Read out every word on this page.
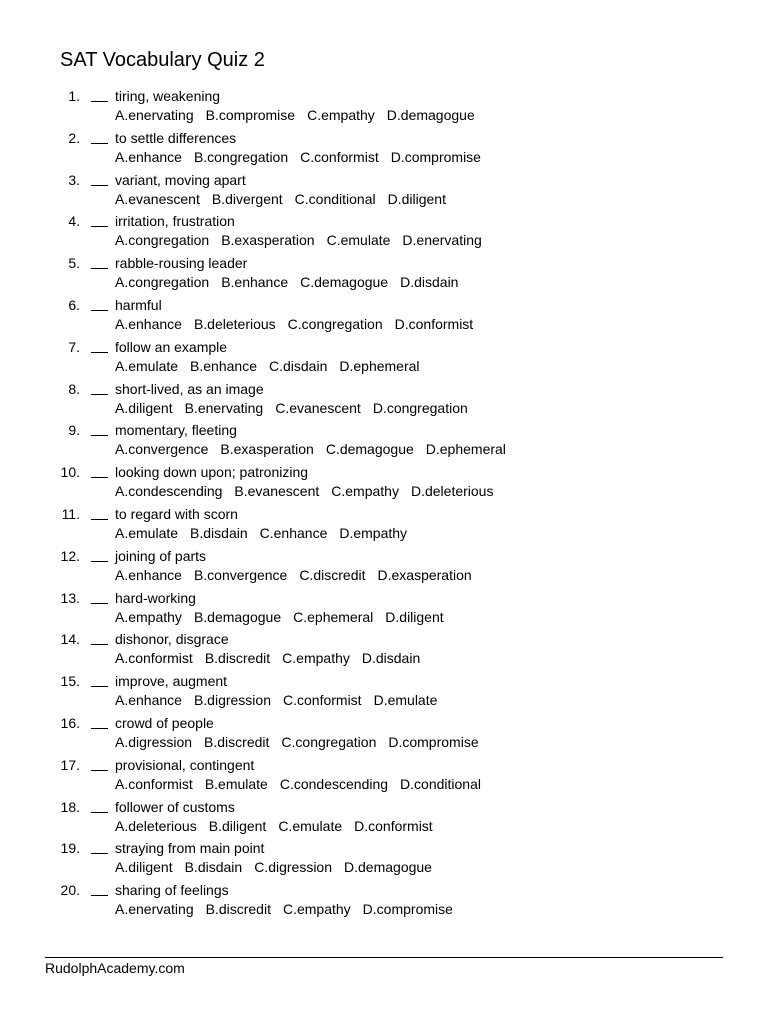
SAT Vocabulary Quiz 2
1.	tiring, weakening
A.enervating B.compromise C.empathy D.demagogue
2.	to settle differences
A.enhance B.congregation C.conformist D.compromise
3.	variant, moving apart
A.evanescent B.divergent C.conditional D.diligent
4.	irritation, frustration
A.congregation B.exasperation C.emulate D.enervating
5.	rabble-rousing leader
A.congregation B.enhance C.demagogue D.disdain
6.	harmful
A.enhance B.deleterious C.congregation D.conformist
7.	follow an example
A.emulate B.enhance C.disdain D.ephemeral
8.	short-lived, as an image
A.diligent B.enervating C.evanescent D.congregation
9.	momentary, fleeting
A.convergence B.exasperation C.demagogue D.ephemeral
10.	looking down upon; patronizing
A.condescending B.evanescent C.empathy D.deleterious
11.	to regard with scorn
A.emulate B.disdain C.enhance D.empathy
12.	joining of parts
A.enhance B.convergence C.discredit D.exasperation
13.	hard-working
A.empathy B.demagogue C.ephemeral D.diligent
14.	dishonor, disgrace
A.conformist B.discredit C.empathy D.disdain
15.	improve, augment
A.enhance B.digression C.conformist D.emulate
16.	crowd of people
A.digression B.discredit C.congregation D.compromise
17.	provisional, contingent
A.conformist B.emulate C.condescending D.conditional
18.	follower of customs
A.deleterious B.diligent C.emulate D.conformist
19.	straying from main point
A.diligent B.disdain C.digression D.demagogue
20.	sharing of feelings
A.enervating B.discredit C.empathy D.compromise
RudolphAcademy.com
